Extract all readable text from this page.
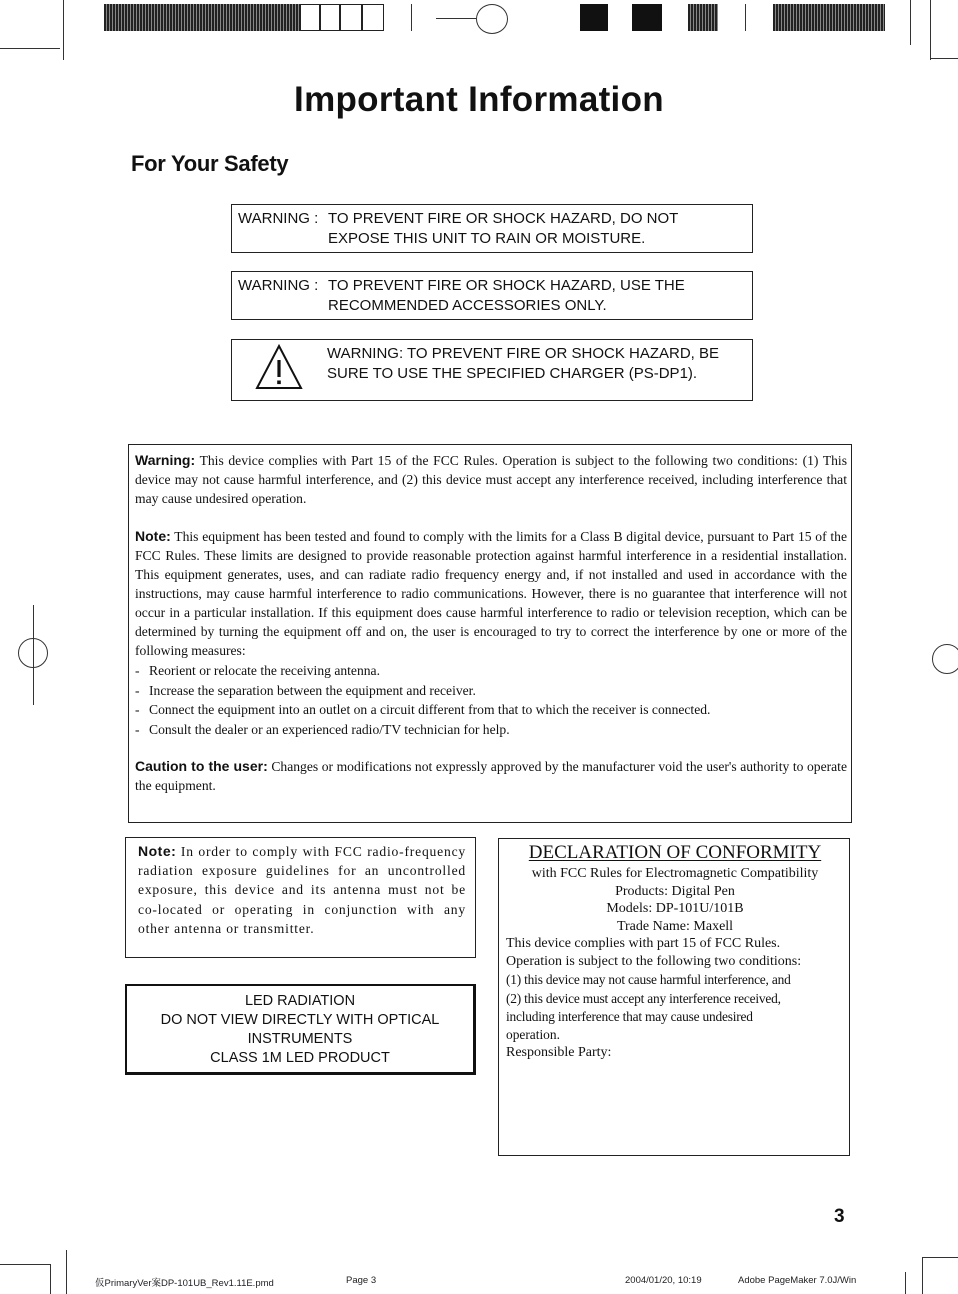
Important Information
For Your Safety
WARNING : TO PREVENT FIRE OR SHOCK HAZARD, DO NOT
EXPOSE THIS UNIT TO RAIN OR MOISTURE.
WARNING : TO PREVENT FIRE OR SHOCK HAZARD, USE THE
RECOMMENDED ACCESSORIES ONLY.
WARNING: TO PREVENT FIRE OR SHOCK HAZARD, BE
SURE TO USE THE SPECIFIED CHARGER (PS-DP1).

Warning: This device complies with Part 15 of the FCC Rules. Operation is subject to the following two conditions: (1) This device may not cause harmful interference, and (2) this device must accept any interference received, including interference that may cause undesired operation.

Note: This equipment has been tested and found to comply with the limits for a Class B digital device, pursuant to Part 15 of the FCC Rules. These limits are designed to provide reasonable protection against harmful interference in a residential installation. This equipment generates, uses, and can radiate radio frequency energy and, if not installed and used in accordance with the instructions, may cause harmful interference to radio communications. However, there is no guarantee that interference will not occur in a particular installation. If this equipment does cause harmful interference to radio or television reception, which can be determined by turning the equipment off and on, the user is encouraged to try to correct the interference by one or more of the following measures:

- Reorient or relocate the receiving antenna.
- Increase the separation between the equipment and receiver.
- Connect the equipment into an outlet on a circuit different from that to which the receiver is connected.
- Consult the dealer or an experienced radio/TV technician for help.

Caution to the user: Changes or modifications not expressly approved by the manufacturer void the user's authority to operate the equipment.

Note: In order to comply with FCC radio-frequency radiation exposure guidelines for an uncontrolled exposure, this device and its antenna must not be co-located or operating in conjunction with any other antenna or transmitter.

LED RADIATION
DO NOT VIEW DIRECTLY WITH OPTICAL
INSTRUMENTS
CLASS 1M LED PRODUCT
DECLARATION OF CONFORMITY
with FCC Rules for Electromagnetic Compatibility
Products: Digital Pen
Models: DP-101U/101B
Trade Name: Maxell
This device complies with part 15 of FCC Rules.
Operation is subject to the following two conditions:
(1) this device may not cause harmful interference, and
(2) this device must accept any interference received,
including interference that may cause undesired
operation.
Responsible Party:
3
仮PrimaryVer案DP-101UB_Rev1.11E.pmd	Page 3	2004/01/20, 10:19	Adobe PageMaker 7.0J/Win
